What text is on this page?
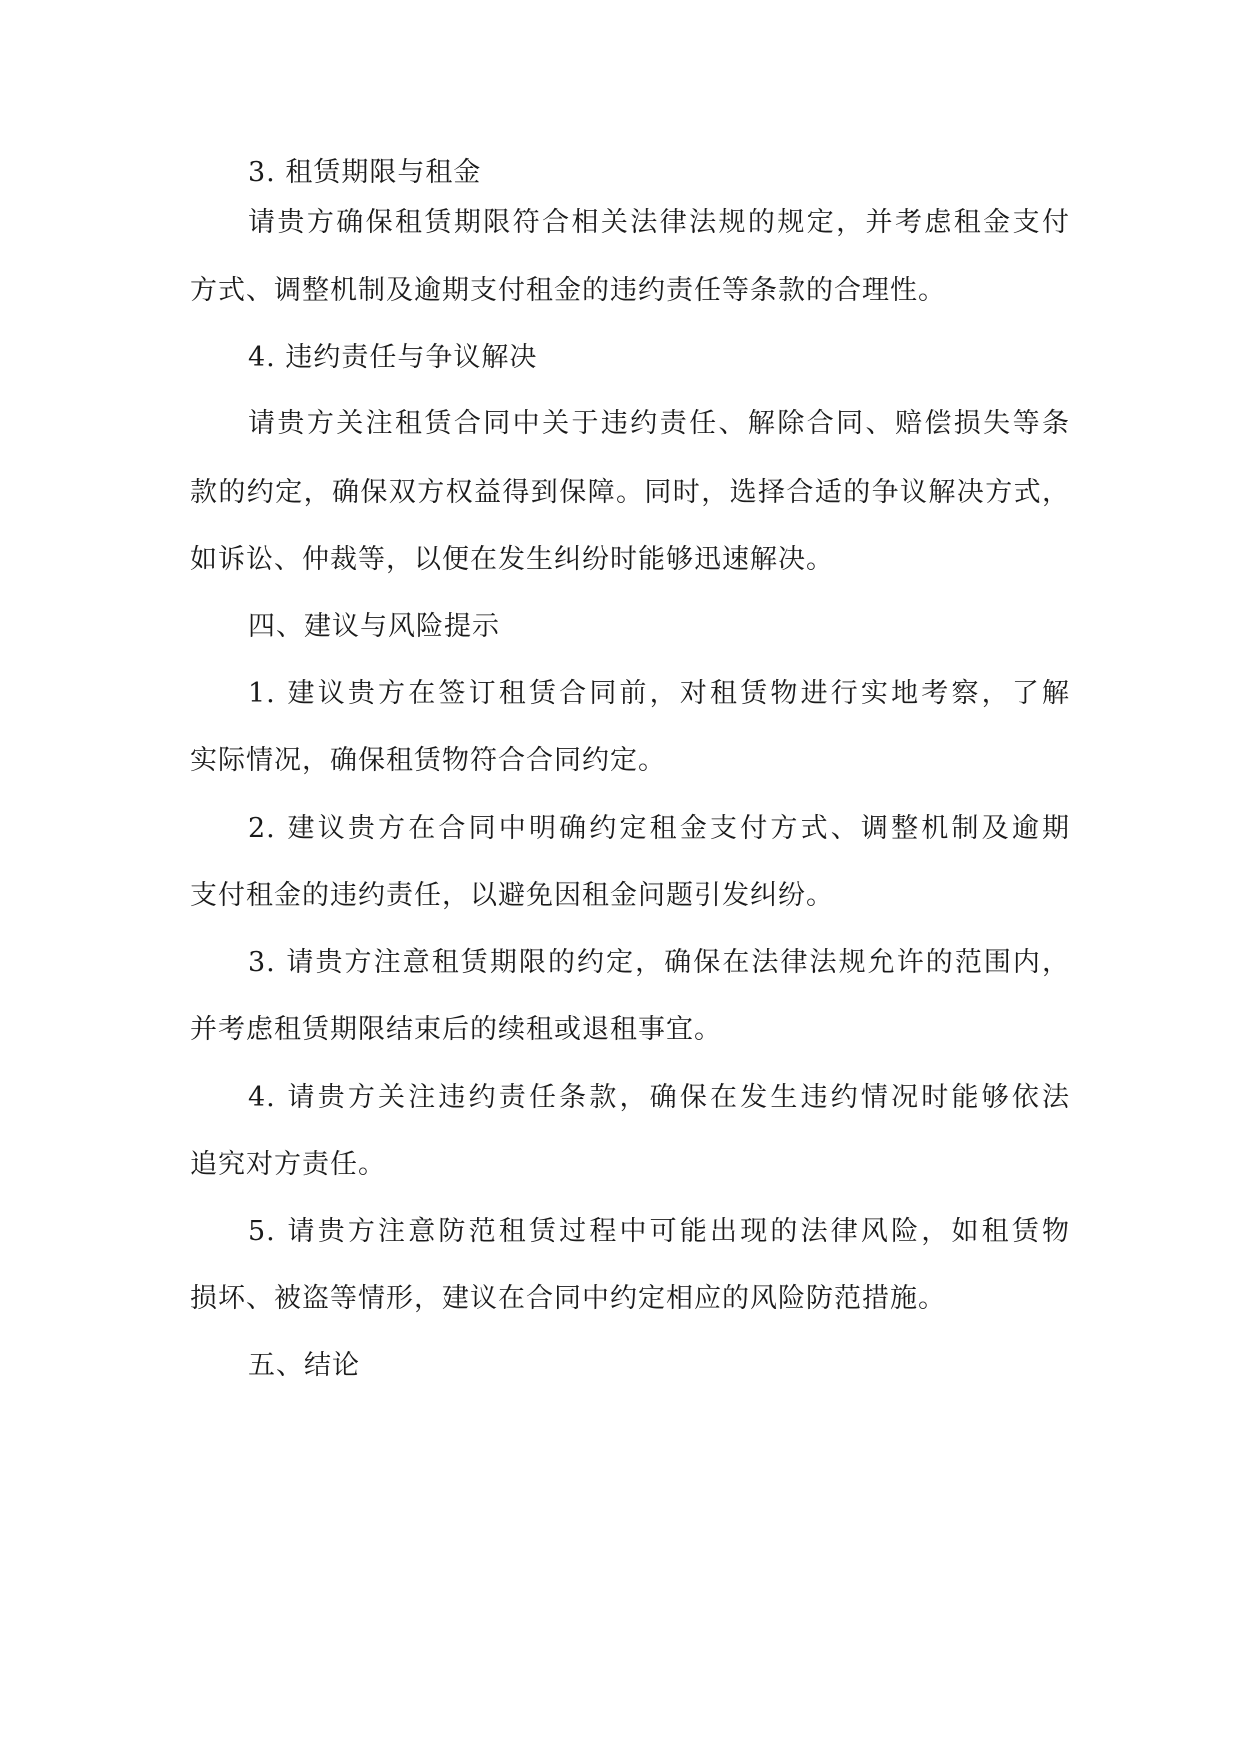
3. 租赁期限与租金
请贵方确保租赁期限符合相关法律法规的规定，并考虑租金支付
方式、调整机制及逾期支付租金的违约责任等条款的合理性。
4. 违约责任与争议解决
请贵方关注租赁合同中关于违约责任、解除合同、赔偿损失等条
款的约定，确保双方权益得到保障。同时，选择合适的争议解决方式，
如诉讼、仲裁等，以便在发生纠纷时能够迅速解决。
四、建议与风险提示
1. 建议贵方在签订租赁合同前，对租赁物进行实地考察，了解
实际情况，确保租赁物符合合同约定。
2. 建议贵方在合同中明确约定租金支付方式、调整机制及逾期
支付租金的违约责任，以避免因租金问题引发纠纷。
3. 请贵方注意租赁期限的约定，确保在法律法规允许的范围内，
并考虑租赁期限结束后的续租或退租事宜。
4. 请贵方关注违约责任条款，确保在发生违约情况时能够依法
追究对方责任。
5. 请贵方注意防范租赁过程中可能出现的法律风险，如租赁物
损坏、被盗等情形，建议在合同中约定相应的风险防范措施。
五、结论
